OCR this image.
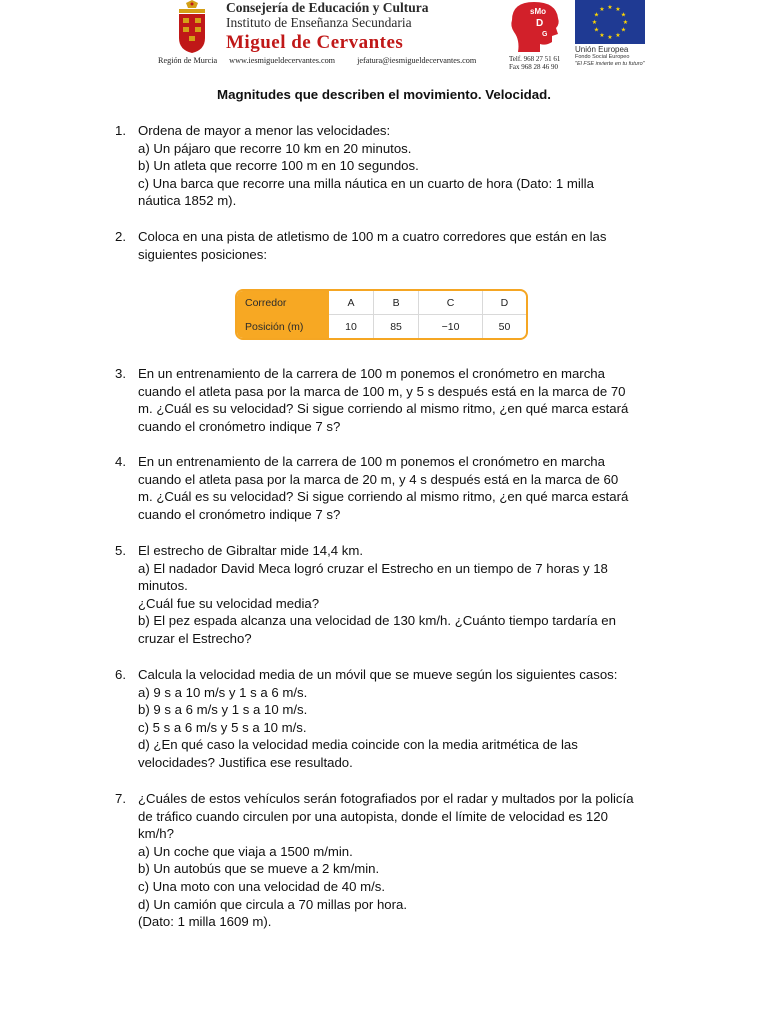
Consejería de Educación y Cultura
Instituto de Enseñanza Secundaria
Miguel de Cervantes
Región de Murcia www.iesmigueldecervantes.com	jefatura@iesmigueldecervantes.com
sMo
D
G
Telf. 968 27 51 61
Fax 968 28 46 90
★ ★
★
★
★
★
★
★
★
★
★
★
Unión Europea
Fondo Social Europeo
"El FSE invierte en tu futuro"
Magnitudes que describen el movimiento. Velocidad.
1. Ordena de mayor a menor las velocidades:
a) Un pájaro que recorre 10 km en 20 minutos.
b) Un atleta que recorre 100 m en 10 segundos.
c) Una barca que recorre una milla náutica en un cuarto de hora (Dato: 1 milla
náutica 1852 m).
2. Coloca en una pista de atletismo de 100 m a cuatro corredores que están en las
siguientes posiciones:
Corredor	A	B	C	D
Posición (m)	10	85	−10	50
3. En un entrenamiento de la carrera de 100 m ponemos el cronómetro en marcha
cuando el atleta pasa por la marca de 100 m, y 5 s después está en la marca de 70
m. ¿Cuál es su velocidad? Si sigue corriendo al mismo ritmo, ¿en qué marca estará
cuando el cronómetro indique 7 s?
4. En un entrenamiento de la carrera de 100 m ponemos el cronómetro en marcha
cuando el atleta pasa por la marca de 20 m, y 4 s después está en la marca de 60
m. ¿Cuál es su velocidad? Si sigue corriendo al mismo ritmo, ¿en qué marca estará
cuando el cronómetro indique 7 s?
5. El estrecho de Gibraltar mide 14,4 km.
a) El nadador David Meca logró cruzar el Estrecho en un tiempo de 7 horas y 18
minutos.
¿Cuál fue su velocidad media?
b) El pez espada alcanza una velocidad de 130 km/h. ¿Cuánto tiempo tardaría en
cruzar el Estrecho?
6. Calcula la velocidad media de un móvil que se mueve según los siguientes casos:
a) 9 s a 10 m/s y 1 s a 6 m/s.
b) 9 s a 6 m/s y 1 s a 10 m/s.
c) 5 s a 6 m/s y 5 s a 10 m/s.
d) ¿En qué caso la velocidad media coincide con la media aritmética de las
velocidades? Justifica ese resultado.
7. ¿Cuáles de estos vehículos serán fotografiados por el radar y multados por la policía
de tráfico cuando circulen por una autopista, donde el límite de velocidad es 120
km/h?
a) Un coche que viaja a 1500 m/min.
b) Un autobús que se mueve a 2 km/min.
c) Una moto con una velocidad de 40 m/s.
d) Un camión que circula a 70 millas por hora.
(Dato: 1 milla 1609 m).
